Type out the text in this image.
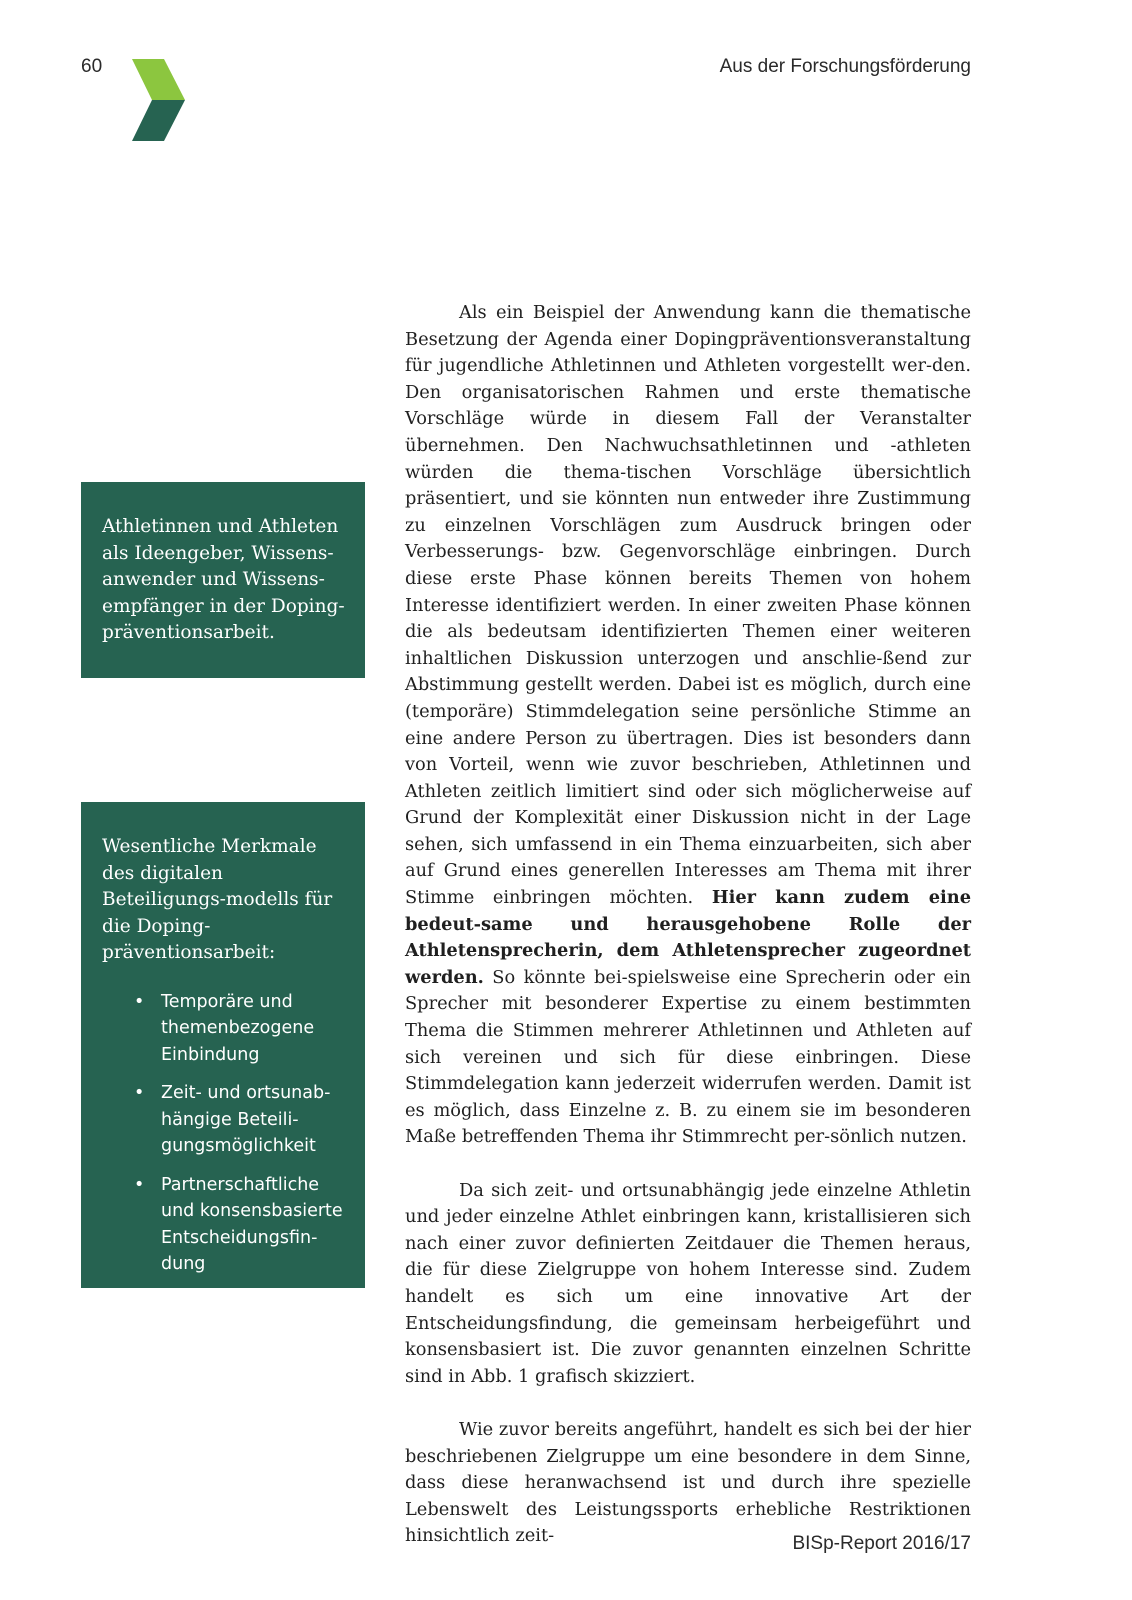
60	Aus der Forschungsförderung

Athletinnen und Athleten als Ideengeber, Wissens-anwender und Wissens-empfänger in der Doping-präventionsarbeit.

Wesentliche Merkmale des digitalen Beteiligungs-modells für die Doping-präventionsarbeit:

• Temporäre und themenbezogene Einbindung
• Zeit- und ortsunab-hängige Beteili-gungsmöglichkeit
• Partnerschaftliche und konsensbasierte Entscheidungsfin-dung

Als ein Beispiel der Anwendung kann die thematische Besetzung der Agenda einer Dopingpräventionsveranstaltung für jugendliche Athletinnen und Athleten vorgestellt wer-den. Den organisatorischen Rahmen und erste thematische Vorschläge würde in diesem Fall der Veranstalter übernehmen. Den Nachwuchsathletinnen und -athleten würden die thema-tischen Vorschläge übersichtlich präsentiert, und sie könnten nun entweder ihre Zustimmung zu einzelnen Vorschlägen zum Ausdruck bringen oder Verbesserungs- bzw. Gegenvorschläge einbringen. Durch diese erste Phase können bereits Themen von hohem Interesse identifiziert werden. In einer zweiten Phase können die als bedeutsam identifizierten Themen einer weiteren inhaltlichen Diskussion unterzogen und anschlie-ßend zur Abstimmung gestellt werden. Dabei ist es möglich, durch eine (temporäre) Stimmdelegation seine persönliche Stimme an eine andere Person zu übertragen. Dies ist besonders dann von Vorteil, wenn wie zuvor beschrieben, Athletinnen und Athleten zeitlich limitiert sind oder sich möglicherweise auf Grund der Komplexität einer Diskussion nicht in der Lage sehen, sich umfassend in ein Thema einzuarbeiten, sich aber auf Grund eines generellen Interesses am Thema mit ihrer Stimme einbringen möchten. Hier kann zudem eine bedeut-same und herausgehobene Rolle der Athletensprecherin, dem Athletensprecher zugeordnet werden. So könnte bei-spielsweise eine Sprecherin oder ein Sprecher mit besonderer Expertise zu einem bestimmten Thema die Stimmen mehrerer Athletinnen und Athleten auf sich vereinen und sich für diese einbringen. Diese Stimmdelegation kann jederzeit widerrufen werden. Damit ist es möglich, dass Einzelne z. B. zu einem sie im besonderen Maße betreffenden Thema ihr Stimmrecht per-sönlich nutzen.

Da sich zeit- und ortsunabhängig jede einzelne Athletin und jeder einzelne Athlet einbringen kann, kristallisieren sich nach einer zuvor definierten Zeitdauer die Themen heraus, die für diese Zielgruppe von hohem Interesse sind. Zudem handelt es sich um eine innovative Art der Entscheidungsfindung, die gemeinsam herbeigeführt und konsensbasiert ist. Die zuvor genannten einzelnen Schritte sind in Abb. 1 grafisch skizziert.

Wie zuvor bereits angeführt, handelt es sich bei der hier beschriebenen Zielgruppe um eine besondere in dem Sinne, dass diese heranwachsend ist und durch ihre spezielle Lebenswelt des Leistungssports erhebliche Restriktionen hinsichtlich zeit-	BISp-Report 2016/17
